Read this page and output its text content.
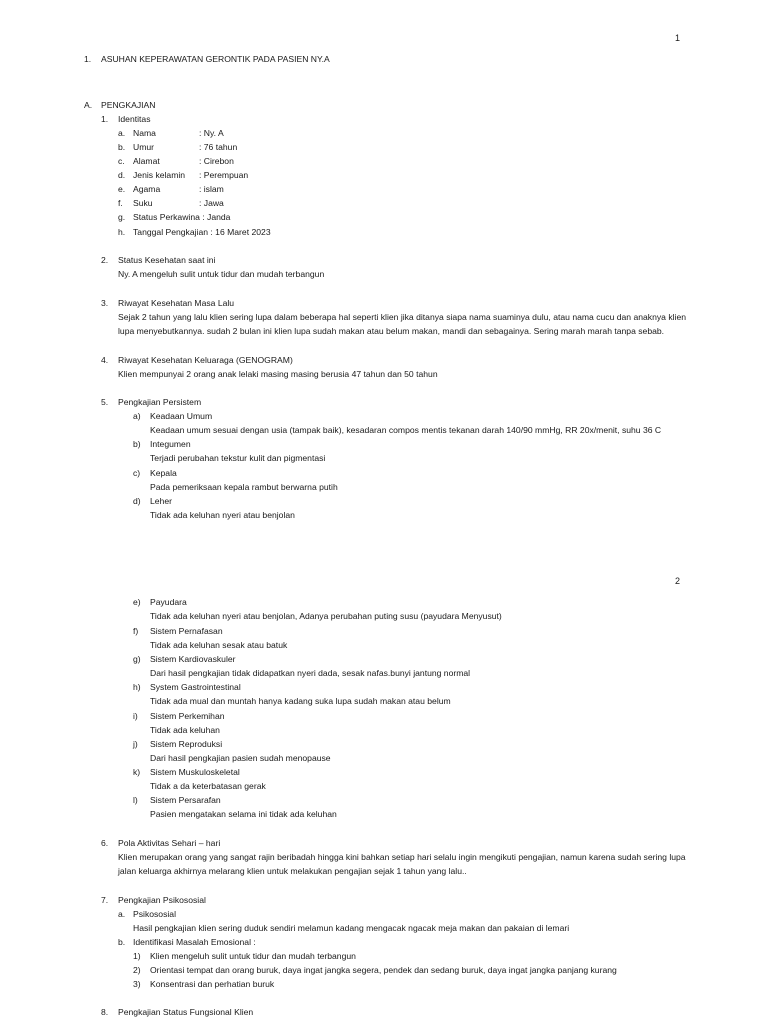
1
1. ASUHAN KEPERAWATAN GERONTIK PADA PASIEN NY.A
A. PENGKAJIAN
1. Identitas
a. Nama	: Ny. A
b. Umur	: 76 tahun
c. Alamat	: Cirebon
d. Jenis kelamin : Perempuan
e. Agama	: islam
f. Suku	: Jawa
g. Status Perkawina : Janda
h. Tanggal Pengkajian : 16 Maret 2023
2. Status Kesehatan saat ini
Ny. A mengeluh sulit untuk tidur dan mudah terbangun
3. Riwayat Kesehatan Masa Lalu
Sejak 2 tahun yang lalu klien sering lupa dalam beberapa hal seperti klien jika ditanya siapa nama suaminya dulu, atau nama cucu dan anaknya klien
lupa menyebutkannya. sudah 2 bulan ini klien lupa sudah makan atau belum makan, mandi dan sebagainya. Sering marah marah tanpa sebab.
4. Riwayat Kesehatan Keluaraga (GENOGRAM)
Klien mempunyai 2 orang anak lelaki masing masing berusia 47 tahun dan 50 tahun
5. Pengkajian Persistem
a) Keadaan Umum
Keadaan umum sesuai dengan usia (tampak baik), kesadaran compos mentis tekanan darah 140/90 mmHg, RR 20x/menit, suhu 36 C
b) Integumen
Terjadi perubahan tekstur kulit dan pigmentasi
c) Kepala
Pada pemeriksaan kepala rambut berwarna putih
d) Leher
Tidak ada keluhan nyeri atau benjolan
2
e) Payudara
Tidak ada keluhan nyeri atau benjolan, Adanya perubahan puting susu (payudara Menyusut)
f) Sistem Pernafasan
Tidak ada keluhan sesak atau batuk
g) Sistem Kardiovaskuler
Dari hasil pengkajian tidak didapatkan nyeri dada, sesak nafas.bunyi jantung normal
h) System Gastrointestinal
Tidak ada mual dan muntah hanya kadang suka lupa sudah makan atau belum
i) Sistem Perkemihan
Tidak ada keluhan
j) Sistem Reproduksi
Dari hasil pengkajian pasien sudah menopause
k) Sistem Muskuloskeletal
Tidak a da keterbatasan gerak
l) Sistem Persarafan
Pasien mengatakan selama ini tidak ada keluhan
6. Pola Aktivitas Sehari – hari
Klien merupakan orang yang sangat rajin beribadah hingga kini bahkan setiap hari selalu ingin mengikuti pengajian, namun karena sudah sering lupa
jalan keluarga akhirnya melarang klien untuk melakukan pengajian sejak 1 tahun yang lalu..
7. Pengkajian Psikososial
a. Psikososial
Hasil pengkajian klien sering duduk sendiri melamun kadang mengacak ngacak meja makan dan pakaian di lemari
b. Identifikasi Masalah Emosional :
1) Klien mengeluh sulit untuk tidur dan mudah terbangun
2) Orientasi tempat dan orang buruk, daya ingat jangka segera, pendek dan sedang buruk, daya ingat jangka panjang kurang
3) Konsentrasi dan perhatian buruk
8. Pengkajian Status Fungsional Klien
